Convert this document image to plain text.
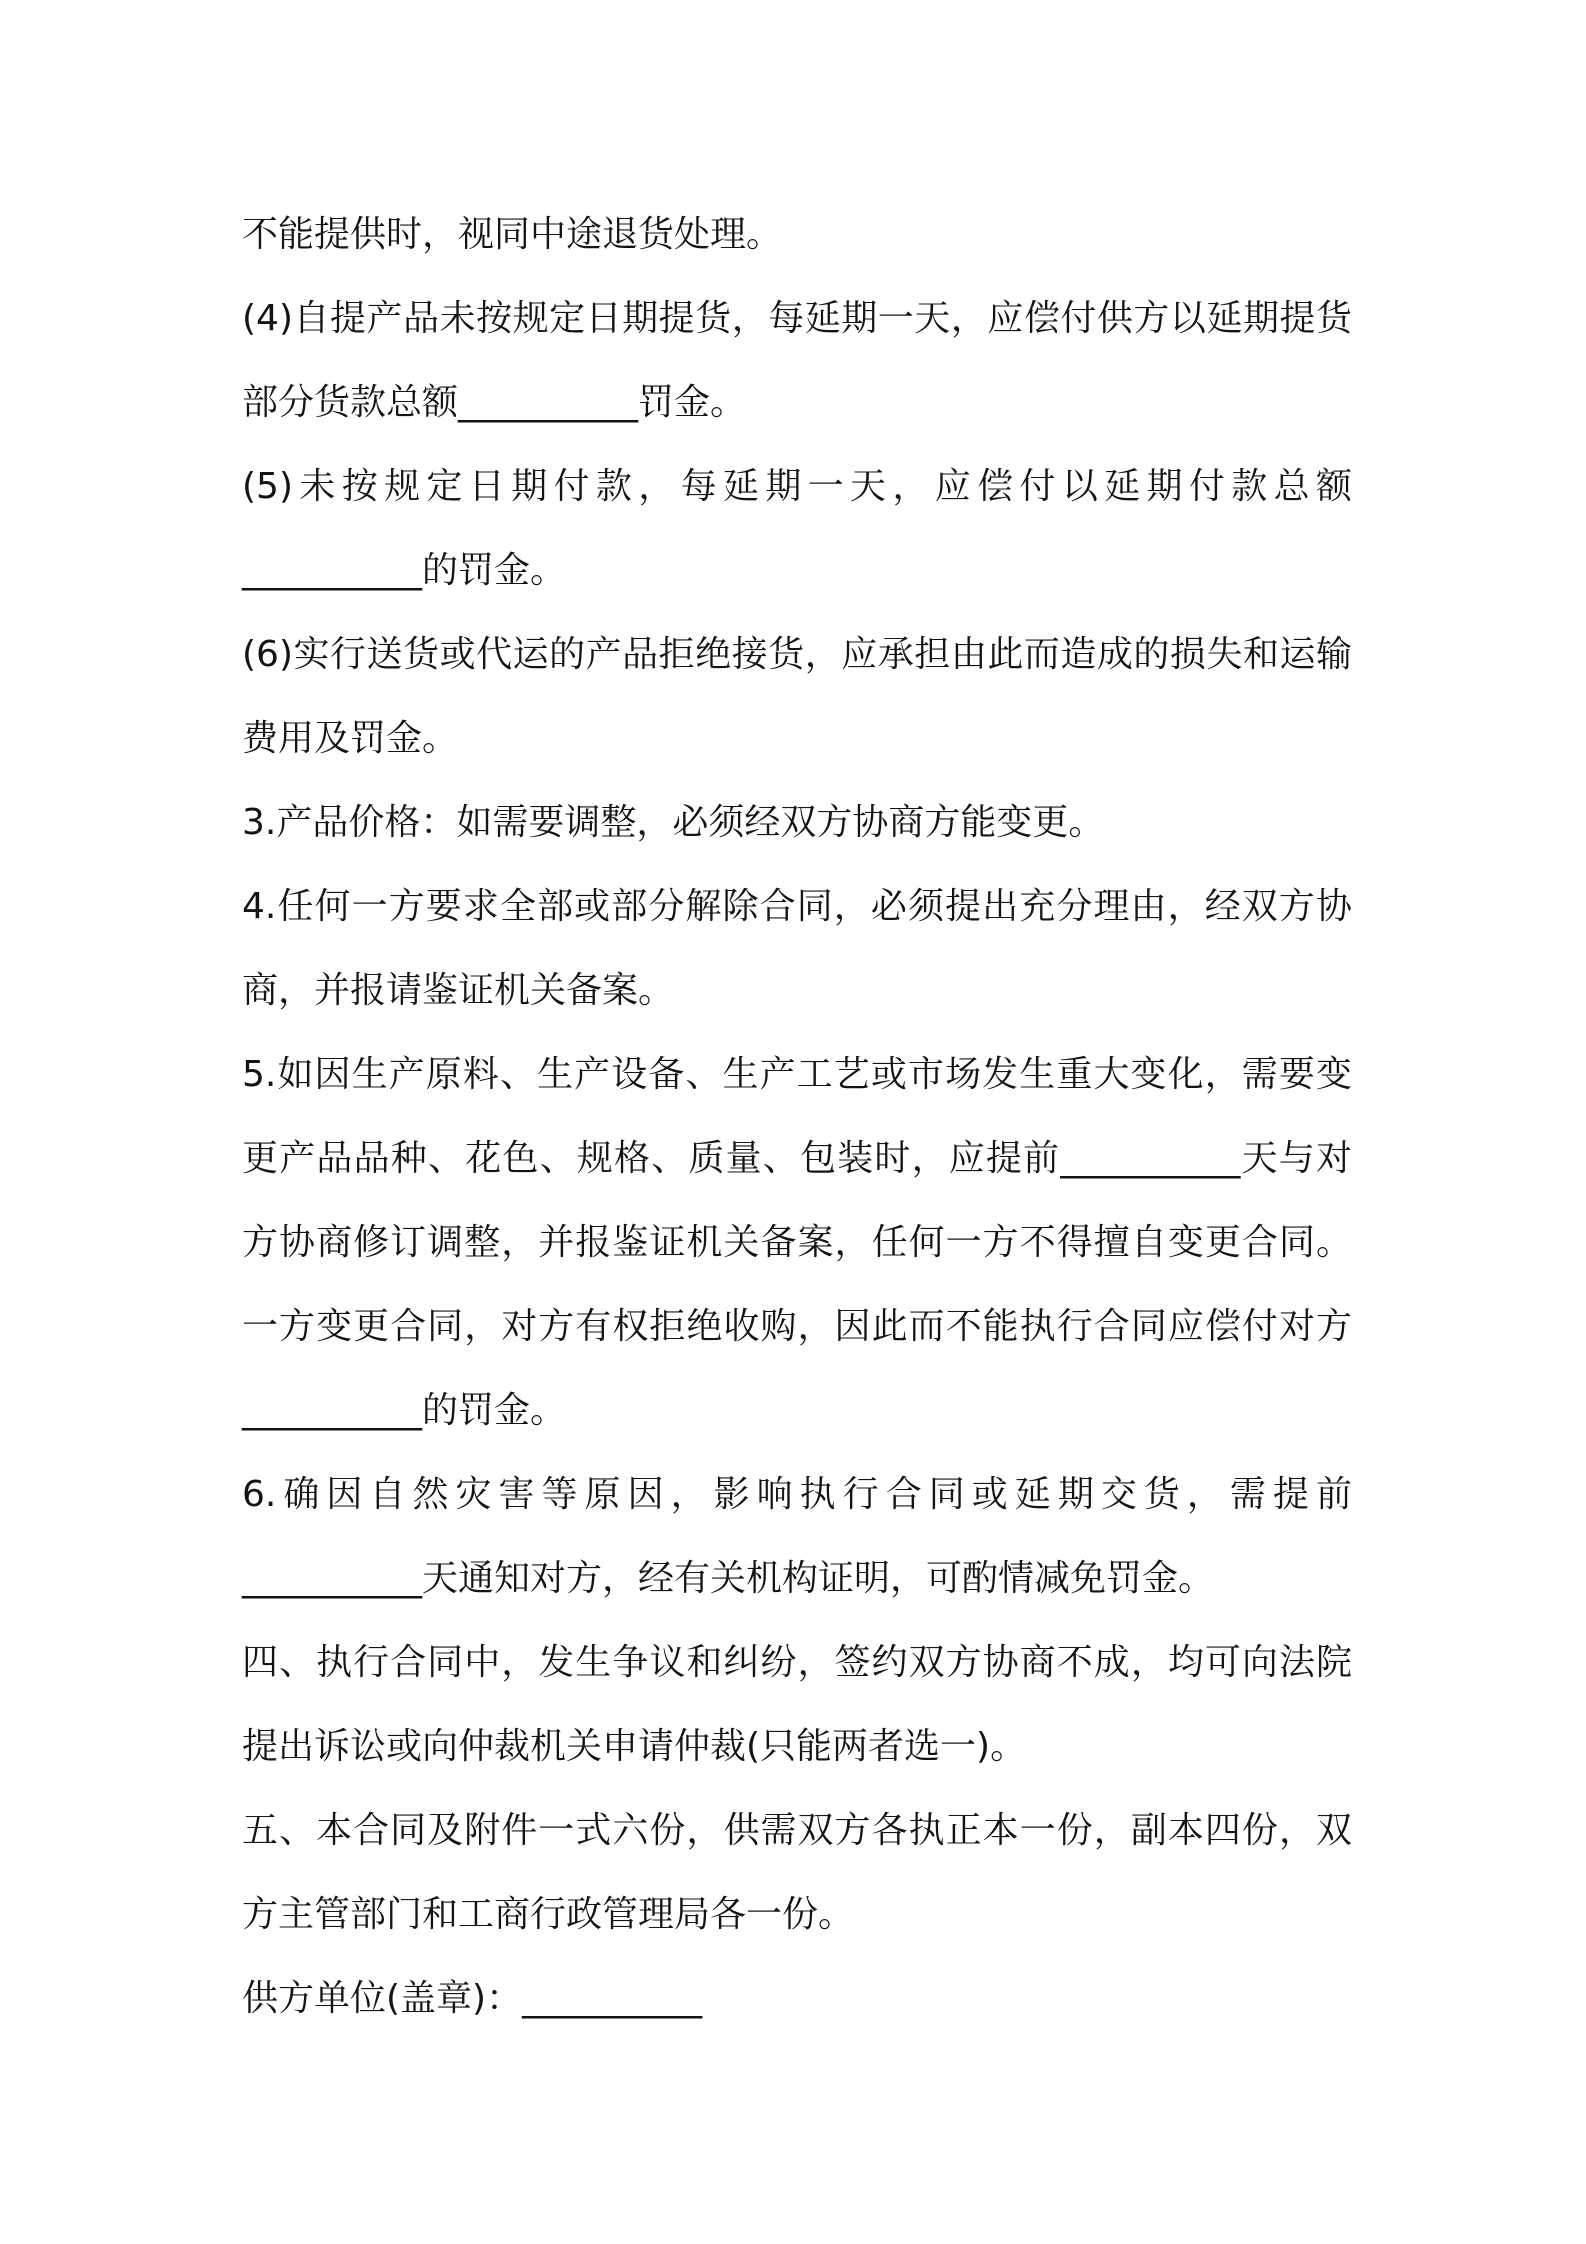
不能提供时，视同中途退货处理。

(4)自提产品未按规定日期提货，每延期一天，应偿付供方以延期提货部分货款总额__________罚金。

(5)未按规定日期付款，每延期一天，应偿付以延期付款总额__________的罚金。

(6)实行送货或代运的产品拒绝接货，应承担由此而造成的损失和运输费用及罚金。

3.产品价格：如需要调整，必须经双方协商方能变更。

4.任何一方要求全部或部分解除合同，必须提出充分理由，经双方协商，并报请鉴证机关备案。

5.如因生产原料、生产设备、生产工艺或市场发生重大变化，需要变更产品品种、花色、规格、质量、包装时，应提前__________天与对方协商修订调整，并报鉴证机关备案，任何一方不得擅自变更合同。一方变更合同，对方有权拒绝收购，因此而不能执行合同应偿付对方__________的罚金。

6.确因自然灾害等原因，影响执行合同或延期交货，需提前__________天通知对方，经有关机构证明，可酌情减免罚金。

四、执行合同中，发生争议和纠纷，签约双方协商不成，均可向法院提出诉讼或向仲裁机关申请仲裁(只能两者选一)。

五、本合同及附件一式六份，供需双方各执正本一份，副本四份，双方主管部门和工商行政管理局各一份。

供方单位(盖章)：__________
